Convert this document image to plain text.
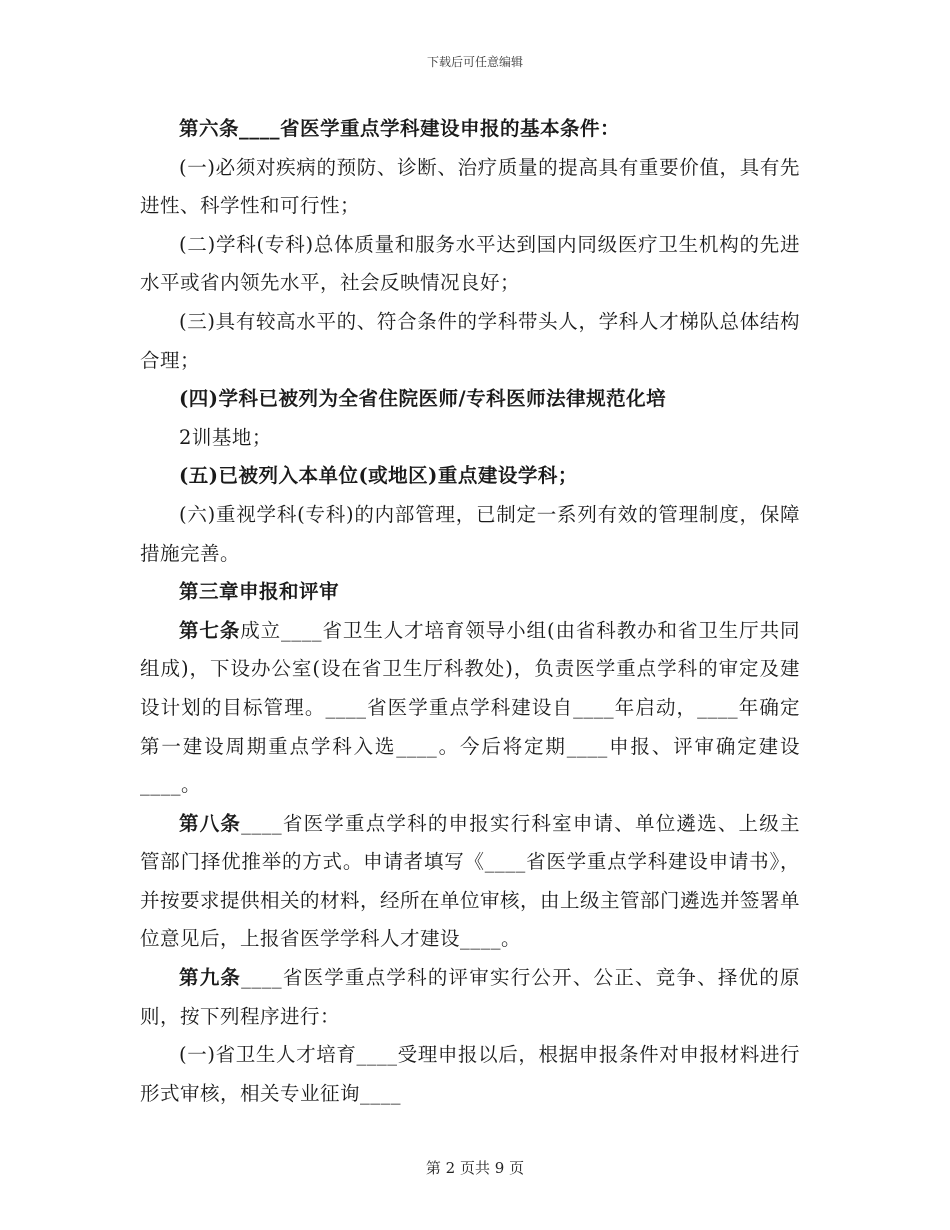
下载后可任意编辑

第六条____省医学重点学科建设申报的基本条件：

(一)必须对疾病的预防、诊断、治疗质量的提高具有重要价值，具有先进性、科学性和可行性；

(二)学科(专科)总体质量和服务水平达到国内同级医疗卫生机构的先进水平或省内领先水平，社会反映情况良好；

(三)具有较高水平的、符合条件的学科带头人，学科人才梯队总体结构合理；

(四)学科已被列为全省住院医师/专科医师法律规范化培

2训基地；

(五)已被列入本单位(或地区)重点建设学科；

(六)重视学科(专科)的内部管理，已制定一系列有效的管理制度，保障措施完善。

第三章申报和评审

第七条成立____省卫生人才培育领导小组(由省科教办和省卫生厅共同组成)，下设办公室(设在省卫生厅科教处)，负责医学重点学科的审定及建设计划的目标管理。____省医学重点学科建设自____年启动，____年确定第一建设周期重点学科入选____。今后将定期____申报、评审确定建设____。

第八条____省医学重点学科的申报实行科室申请、单位遴选、上级主管部门择优推举的方式。申请者填写《____省医学重点学科建设申请书》，并按要求提供相关的材料，经所在单位审核，由上级主管部门遴选并签署单位意见后，上报省医学学科人才建设____。

第九条____省医学重点学科的评审实行公开、公正、竞争、择优的原则，按下列程序进行：

(一)省卫生人才培育____受理申报以后，根据申报条件对申报材料进行形式审核，相关专业征询____

第 2 页共 9 页
